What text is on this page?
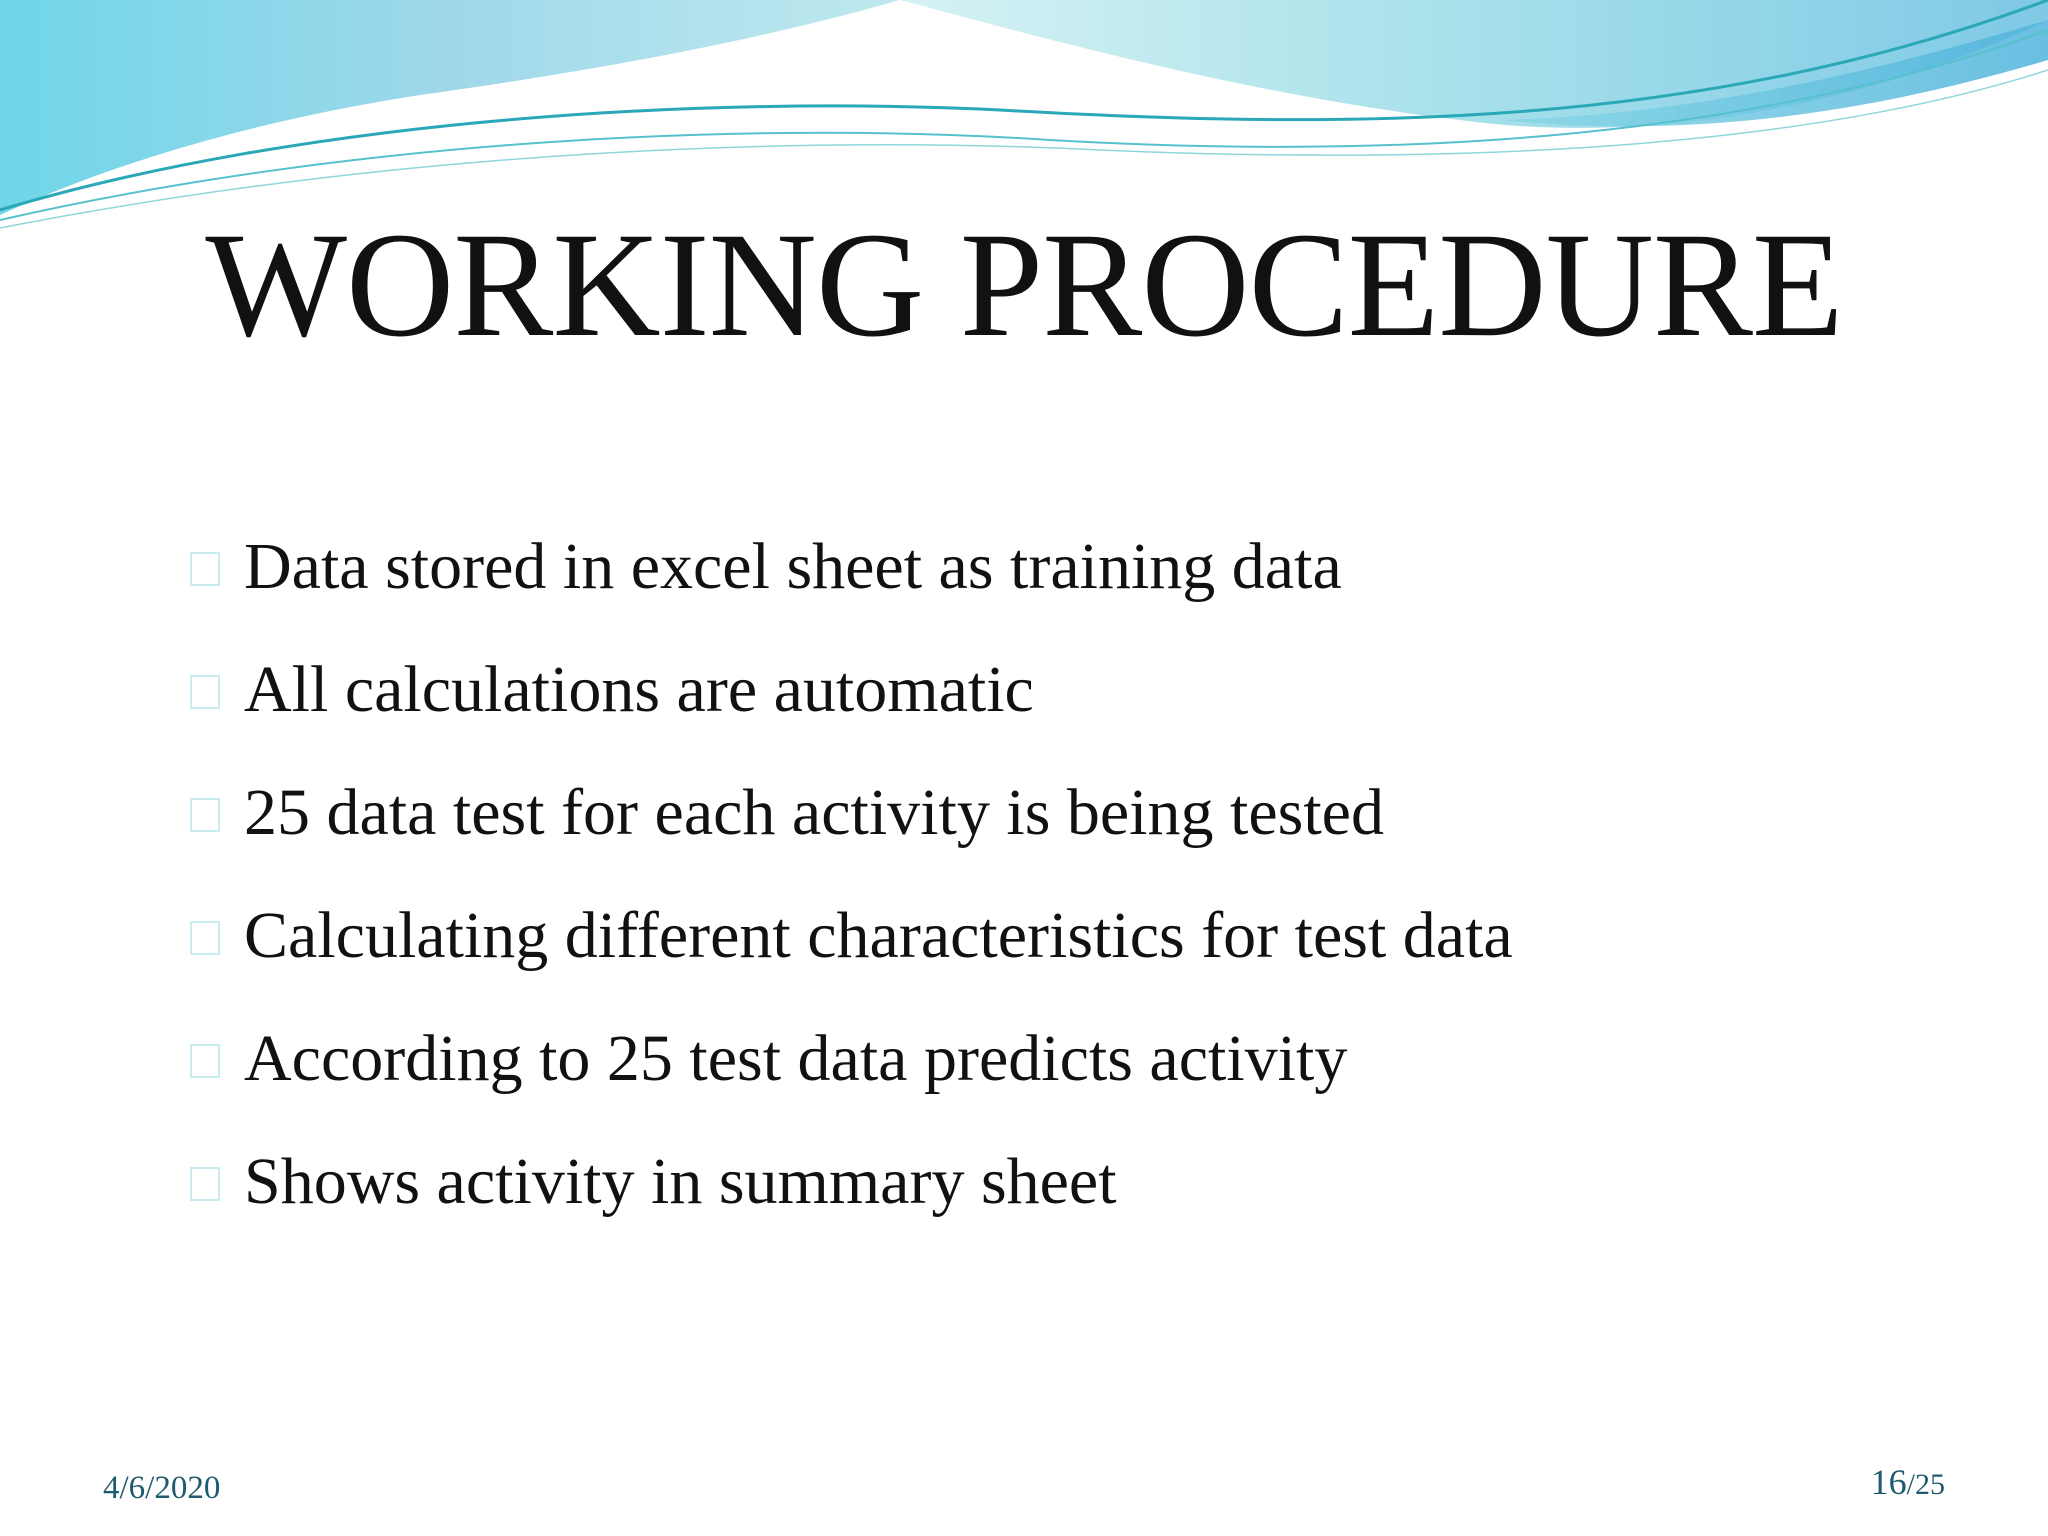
WORKING PROCEDURE
Data stored in excel sheet as training data
All calculations are automatic
25 data test for each activity is being tested
Calculating different characteristics for test data
According to 25 test data predicts activity
Shows activity in summary sheet
4/6/2020	16/25
